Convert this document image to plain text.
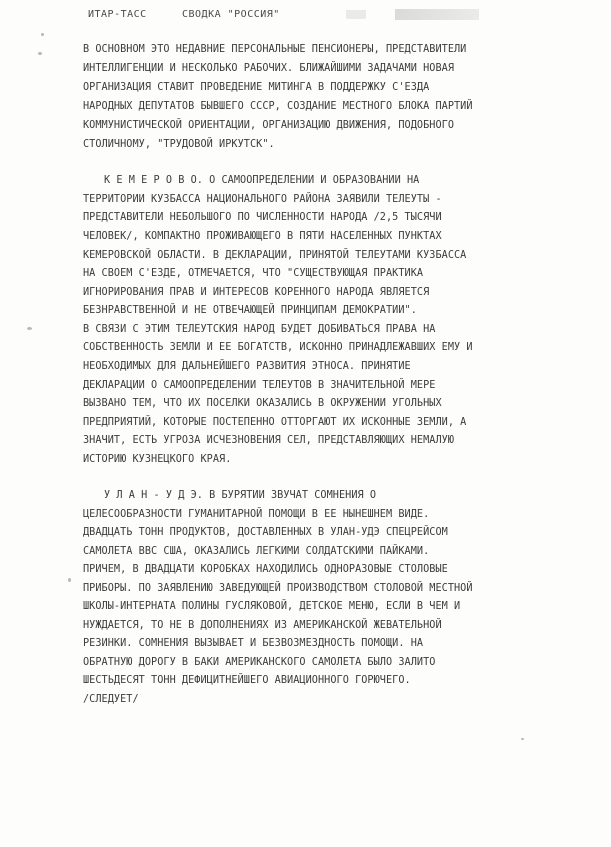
ИТАР-ТАСС	СВОДКА "РОССИЯ"
В ОСНОВНОМ ЭТО НЕДАВНИЕ ПЕРСОНАЛЬНЫЕ ПЕНСИОНЕРЫ, ПРЕДСТАВИТЕЛИ
ИНТЕЛЛИГЕНЦИИ И НЕСКОЛЬКО РАБОЧИХ. БЛИЖАЙШИМИ ЗАДАЧАМИ НОВАЯ
ОРГАНИЗАЦИЯ СТАВИТ ПРОВЕДЕНИЕ МИТИНГА В ПОДДЕРЖКУ С'ЕЗДА
НАРОДНЫХ ДЕПУТАТОВ БЫВШЕГО СССР, СОЗДАНИЕ МЕСТНОГО БЛОКА ПАРТИЙ
КОММУНИСТИЧЕСКОЙ ОРИЕНТАЦИИ, ОРГАНИЗАЦИЮ ДВИЖЕНИЯ, ПОДОБНОГО
СТОЛИЧНОМУ, "ТРУДОВОЙ ИРКУТСК".
К Е М Е Р О В О. О САМООПРЕДЕЛЕНИИ И ОБРАЗОВАНИИ НА
ТЕРРИТОРИИ КУЗБАССА НАЦИОНАЛЬНОГО РАЙОНА ЗАЯВИЛИ ТЕЛЕУТЫ -
ПРЕДСТАВИТЕЛИ НЕБОЛЬШОГО ПО ЧИСЛЕННОСТИ НАРОДА /2,5 ТЫСЯЧИ
ЧЕЛОВЕК/, КОМПАКТНО ПРОЖИВАЮЩЕГО В ПЯТИ НАСЕЛЕННЫХ ПУНКТАХ
КЕМЕРОВСКОЙ ОБЛАСТИ. В ДЕКЛАРАЦИИ, ПРИНЯТОЙ ТЕЛЕУТАМИ КУЗБАССА
НА СВОЕМ С'ЕЗДЕ, ОТМЕЧАЕТСЯ, ЧТО "СУЩЕСТВУЮЩАЯ ПРАКТИКА
ИГНОРИРОВАНИЯ ПРАВ И ИНТЕРЕСОВ КОРЕННОГО НАРОДА ЯВЛЯЕТСЯ
БЕЗНРАВСТВЕННОЙ И НЕ ОТВЕЧАЮЩЕЙ ПРИНЦИПАМ ДЕМОКРАТИИ".
В СВЯЗИ С ЭТИМ ТЕЛЕУТСКИЯ НАРОД БУДЕТ ДОБИВАТЬСЯ ПРАВА НА
СОБСТВЕННОСТЬ ЗЕМЛИ И ЕЕ БОГАТСТВ, ИСКОННО ПРИНАДЛЕЖАВШИХ ЕМУ И
НЕОБХОДИМЫХ ДЛЯ ДАЛЬНЕЙШЕГО РАЗВИТИЯ ЭТНОСА. ПРИНЯТИЕ
ДЕКЛАРАЦИИ О САМООПРЕДЕЛЕНИИ ТЕЛЕУТОВ В ЗНАЧИТЕЛЬНОЙ МЕРЕ
ВЫЗВАНО ТЕМ, ЧТО ИХ ПОСЕЛКИ ОКАЗАЛИСЬ В ОКРУЖЕНИИ УГОЛЬНЫХ
ПРЕДПРИЯТИЙ, КОТОРЫЕ ПОСТЕПЕННО ОТТОРГАЮТ ИХ ИСКОННЫЕ ЗЕМЛИ, А
ЗНАЧИТ, ЕСТЬ УГРОЗА ИСЧЕЗНОВЕНИЯ СЕЛ, ПРЕДСТАВЛЯЮЩИХ НЕМАЛУЮ
ИСТОРИЮ КУЗНЕЦКОГО КРАЯ.
У Л А Н - У Д Э. В БУРЯТИИ ЗВУЧАТ СОМНЕНИЯ О
ЦЕЛЕСООБРАЗНОСТИ ГУМАНИТАРНОЙ ПОМОЩИ В ЕЕ НЫНЕШНЕМ ВИДЕ.
ДВАДЦАТЬ ТОНН ПРОДУКТОВ, ДОСТАВЛЕННЫХ В УЛАН-УДЭ СПЕЦРЕЙСОМ
САМОЛЕТА ВВС США, ОКАЗАЛИСЬ ЛЕГКИМИ СОЛДАТСКИМИ ПАЙКАМИ.
ПРИЧЕМ, В ДВАДЦАТИ КОРОБКАХ НАХОДИЛИСЬ ОДНОРАЗОВЫЕ СТОЛОВЫЕ
ПРИБОРЫ. ПО ЗАЯВЛЕНИЮ ЗАВЕДУЮЩЕЙ ПРОИЗВОДСТВОМ СТОЛОВОЙ МЕСТНОЙ
ШКОЛЫ-ИНТЕРНАТА ПОЛИНЫ ГУСЛЯКОВОЙ, ДЕТСКОЕ МЕНЮ, ЕСЛИ В ЧЕМ И
НУЖДАЕТСЯ, ТО НЕ В ДОПОЛНЕНИЯХ ИЗ АМЕРИКАНСКОЙ ЖЕВАТЕЛЬНОЙ
РЕЗИНКИ. СОМНЕНИЯ ВЫЗЫВАЕТ И БЕЗВОЗМЕЗДНОСТЬ ПОМОЩИ. НА
ОБРАТНУЮ ДОРОГУ В БАКИ АМЕРИКАНСКОГО САМОЛЕТА БЫЛО ЗАЛИТО
ШЕСТЬДЕСЯТ ТОНН ДЕФИЦИТНЕЙШЕГО АВИАЦИОННОГО ГОРЮЧЕГО.
/СЛЕДУЕТ/
